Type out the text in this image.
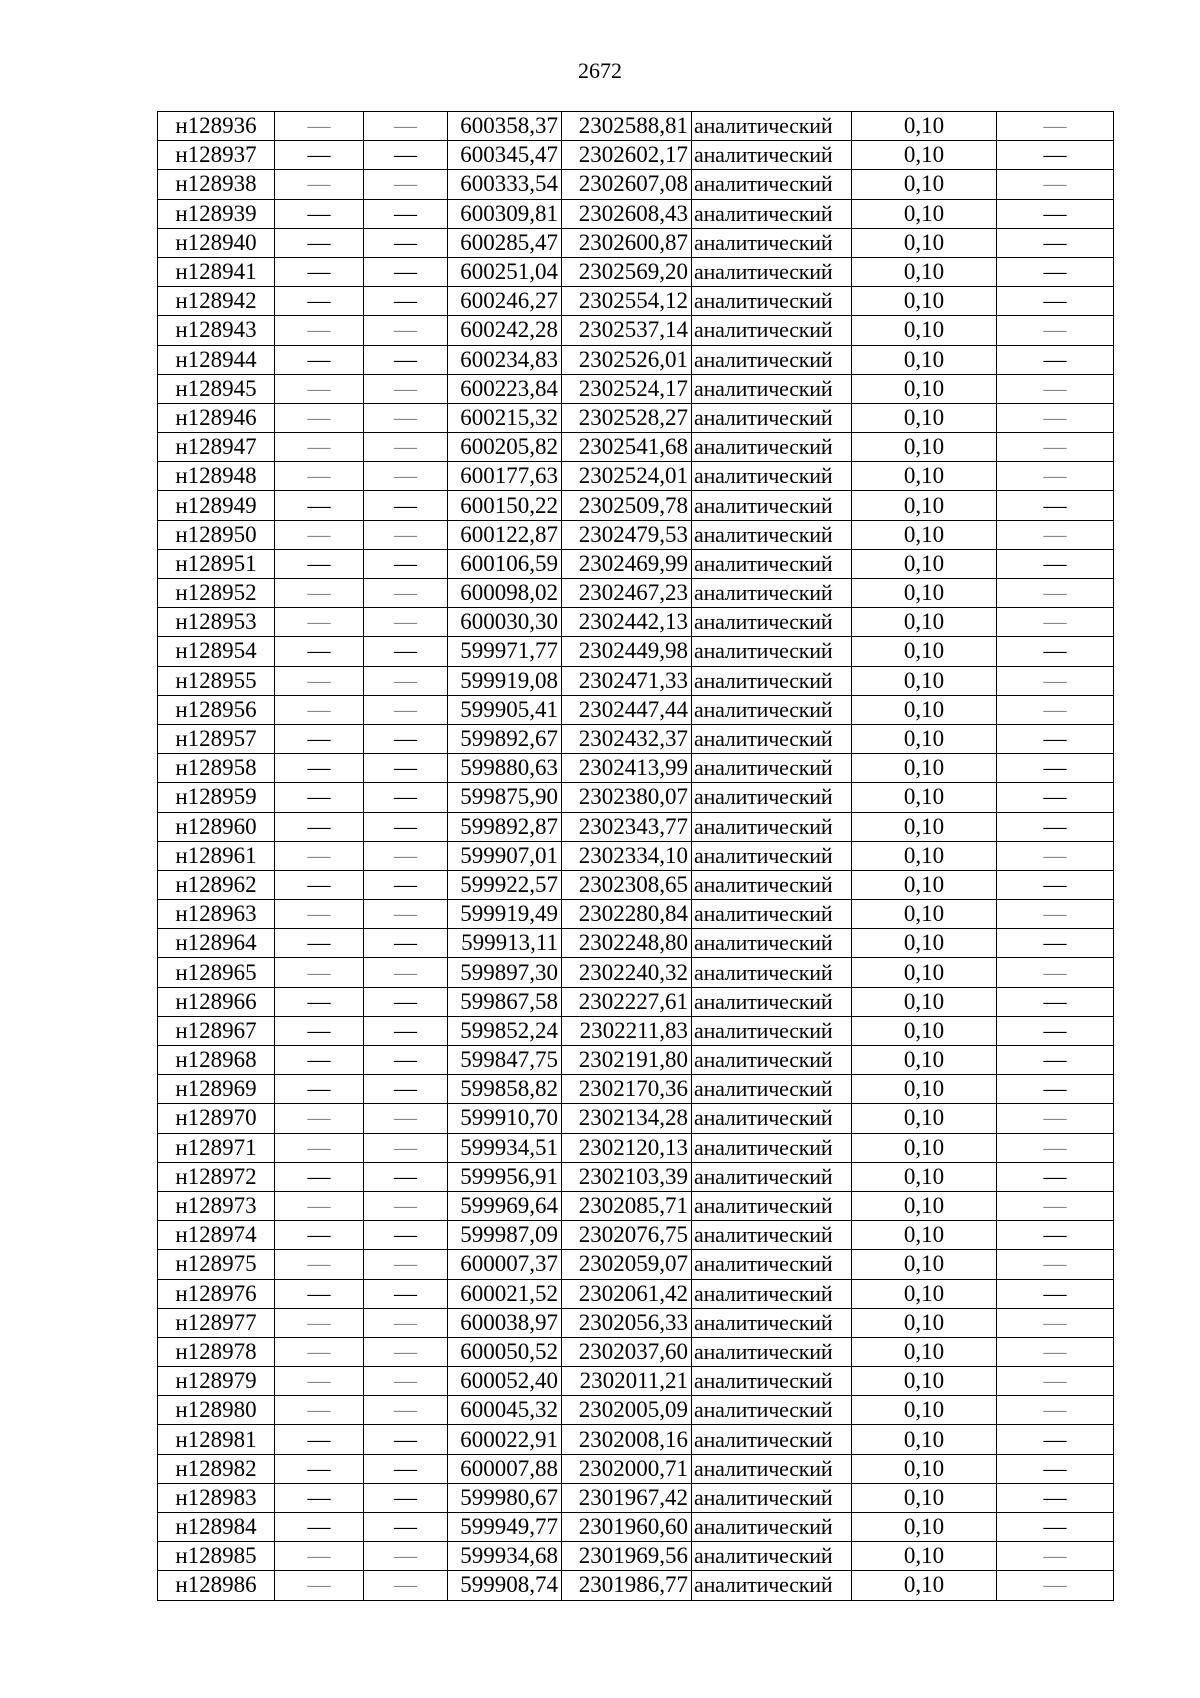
2672
н128936	—	—	600358,37	2302588,81	аналитический	0,10	—
н128937	—	—	600345,47	2302602,17	аналитический	0,10	—
н128938	—	—	600333,54	2302607,08	аналитический	0,10	—
н128939	—	—	600309,81	2302608,43	аналитический	0,10	—
н128940	—	—	600285,47	2302600,87	аналитический	0,10	—
н128941	—	—	600251,04	2302569,20	аналитический	0,10	—
н128942	—	—	600246,27	2302554,12	аналитический	0,10	—
н128943	—	—	600242,28	2302537,14	аналитический	0,10	—
н128944	—	—	600234,83	2302526,01	аналитический	0,10	—
н128945	—	—	600223,84	2302524,17	аналитический	0,10	—
н128946	—	—	600215,32	2302528,27	аналитический	0,10	—
н128947	—	—	600205,82	2302541,68	аналитический	0,10	—
н128948	—	—	600177,63	2302524,01	аналитический	0,10	—
н128949	—	—	600150,22	2302509,78	аналитический	0,10	—
н128950	—	—	600122,87	2302479,53	аналитический	0,10	—
н128951	—	—	600106,59	2302469,99	аналитический	0,10	—
н128952	—	—	600098,02	2302467,23	аналитический	0,10	—
н128953	—	—	600030,30	2302442,13	аналитический	0,10	—
н128954	—	—	599971,77	2302449,98	аналитический	0,10	—
н128955	—	—	599919,08	2302471,33	аналитический	0,10	—
н128956	—	—	599905,41	2302447,44	аналитический	0,10	—
н128957	—	—	599892,67	2302432,37	аналитический	0,10	—
н128958	—	—	599880,63	2302413,99	аналитический	0,10	—
н128959	—	—	599875,90	2302380,07	аналитический	0,10	—
н128960	—	—	599892,87	2302343,77	аналитический	0,10	—
н128961	—	—	599907,01	2302334,10	аналитический	0,10	—
н128962	—	—	599922,57	2302308,65	аналитический	0,10	—
н128963	—	—	599919,49	2302280,84	аналитический	0,10	—
н128964	—	—	599913,11	2302248,80	аналитический	0,10	—
н128965	—	—	599897,30	2302240,32	аналитический	0,10	—
н128966	—	—	599867,58	2302227,61	аналитический	0,10	—
н128967	—	—	599852,24	2302211,83	аналитический	0,10	—
н128968	—	—	599847,75	2302191,80	аналитический	0,10	—
н128969	—	—	599858,82	2302170,36	аналитический	0,10	—
н128970	—	—	599910,70	2302134,28	аналитический	0,10	—
н128971	—	—	599934,51	2302120,13	аналитический	0,10	—
н128972	—	—	599956,91	2302103,39	аналитический	0,10	—
н128973	—	—	599969,64	2302085,71	аналитический	0,10	—
н128974	—	—	599987,09	2302076,75	аналитический	0,10	—
н128975	—	—	600007,37	2302059,07	аналитический	0,10	—
н128976	—	—	600021,52	2302061,42	аналитический	0,10	—
н128977	—	—	600038,97	2302056,33	аналитический	0,10	—
н128978	—	—	600050,52	2302037,60	аналитический	0,10	—
н128979	—	—	600052,40	2302011,21	аналитический	0,10	—
н128980	—	—	600045,32	2302005,09	аналитический	0,10	—
н128981	—	—	600022,91	2302008,16	аналитический	0,10	—
н128982	—	—	600007,88	2302000,71	аналитический	0,10	—
н128983	—	—	599980,67	2301967,42	аналитический	0,10	—
н128984	—	—	599949,77	2301960,60	аналитический	0,10	—
н128985	—	—	599934,68	2301969,56	аналитический	0,10	—
н128986	—	—	599908,74	2301986,77	аналитический	0,10	—
